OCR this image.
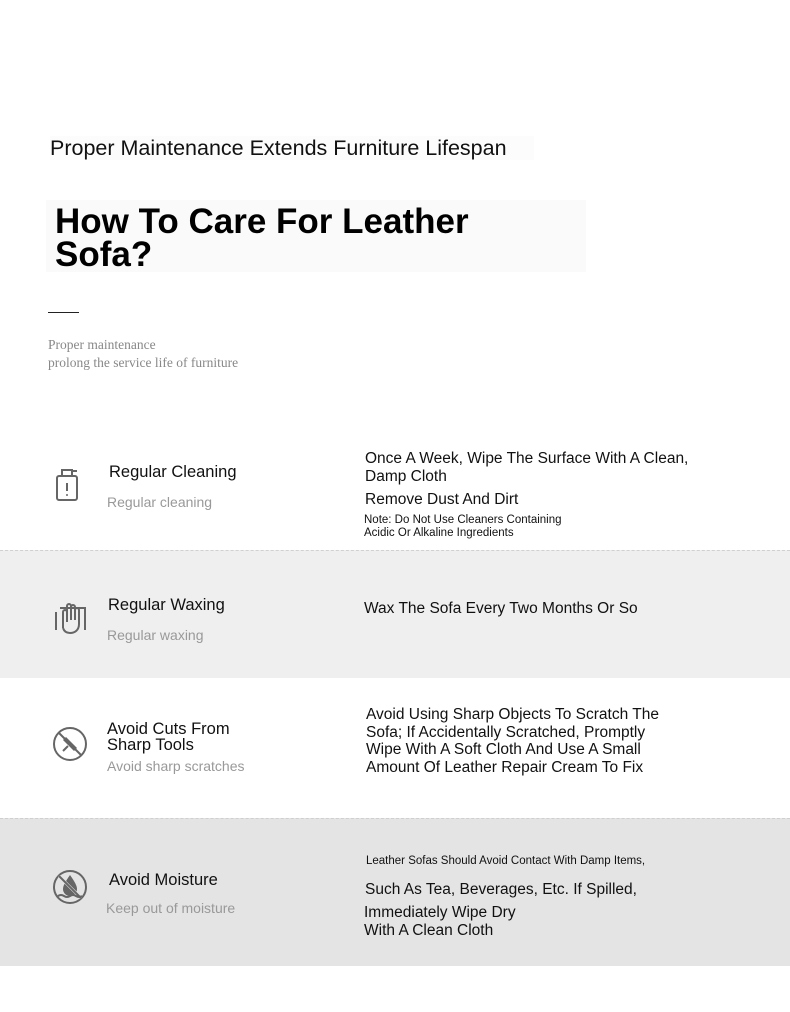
Proper Maintenance Extends Furniture Lifespan
How To Care For Leather Sofa?
Proper maintenance
prolong the service life of furniture
Regular Cleaning
Regular cleaning
Once A Week, Wipe The Surface With A Clean, Damp Cloth
Remove Dust And Dirt
Note: Do Not Use Cleaners Containing Acidic Or Alkaline Ingredients
Regular Waxing
Regular waxing
Wax The Sofa Every Two Months Or So
Avoid Cuts From Sharp Tools
Avoid sharp scratches
Avoid Using Sharp Objects To Scratch The Sofa; If Accidentally Scratched, Promptly Wipe With A Soft Cloth And Use A Small Amount Of Leather Repair Cream To Fix
Avoid Moisture
Keep out of moisture
Leather Sofas Should Avoid Contact With Damp Items,
Such As Tea, Beverages, Etc. If Spilled,
Immediately Wipe Dry With A Clean Cloth
